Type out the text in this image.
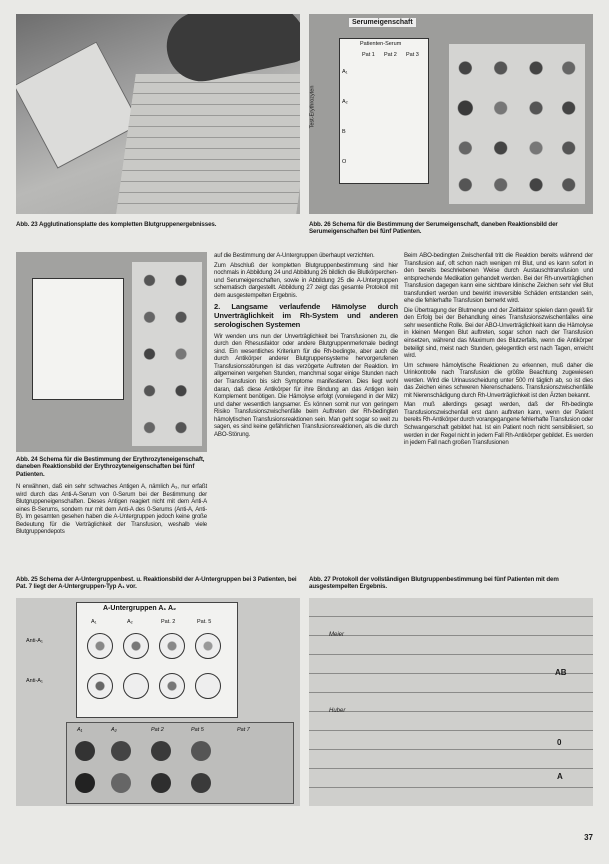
Abb. 23 Agglutinationsplatte des kompletten Blutgruppenergebnisses.
Serumeigenschaft
Patienten-Serum
Pat 1 Pat 2 Pat 3
A₁
A₂
B
O
Test-Erythrozyten
Abb. 26 Schema für die Bestimmung der Serumeigenschaft, daneben Reaktionsbild der Serumeigenschaften bei fünf Patienten.
Abb. 24 Schema für die Bestimmung der Erythrozyteneigenschaft, daneben Reaktionsbild der Erythrozyteneigenschaften bei fünf Patienten.

N erwähnen, daß ein sehr schwaches Antigen A, nämlich A₃, nur erfaßt wird durch das Anti-A-Serum von 0-Serum bei der Bestimmung der Blutgruppeneigenschaften. Dieses Antigen reagiert nicht mit dem Anti-A eines B-Serums, sondern nur mit dem Anti-A des 0-Serums (Anti-A, Anti-B). Im gesamten gesehen haben die A-Untergruppen jedoch keine große Bedeutung für die Verträglichkeit der Transfusion, weshalb viele Blutgruppendepots

auf die Bestimmung der A-Untergruppen überhaupt verzichten.

Zum Abschluß der kompletten Blutgruppenbestimmung sind hier nochmals in Abbildung 24 und Abbildung 26 bildlich die Blutkörperchen- und Serumeigenschaften, sowie in Abbildung 25 die A-Untergruppen schematisch dargestellt. Abbildung 27 zeigt das gesamte Protokoll mit dem ausgestempelten Ergebnis.

2. Langsame verlaufende Hämolyse durch Unverträglichkeit im Rh-System und anderen serologischen Systemen

Wir wenden uns nun der Unverträglichkeit bei Transfusionen zu, die durch den Rhesusfaktor oder andere Blutgruppenmerkmale bedingt sind. Ein wesentliches Kriterium für die Rh-bedingte, aber auch die durch Antikörper anderer Blutgruppensysteme hervorgerufenen Transfusionsstörungen ist das verzögerte Auftreten der Reaktion. Im allgemeinen vergehen Stunden, manchmal sogar einige Stunden nach der Transfusion bis sich Symptome manifestieren. Dies liegt wohl daran, daß diese Antikörper für ihre Bindung an das Antigen kein Komplement benötigen. Die Hämolyse erfolgt (vorwiegend in der Milz) und daher wesentlich langsamer. Es können somit nur von geringem Risiko Transfusionszwischenfälle beim Auftreten der Rh-bedingten hämolytischen Transfusionsreaktionen sein. Man geht sogar so weit zu sagen, es sind keine gefährlichen Transfusionsreaktionen, als die durch ABO-Störung.

Beim ABO-bedingten Zwischenfall tritt die Reaktion bereits während der Transfusion auf, oft schon nach wenigen ml Blut, und es kann sofort in den bereits beschriebenen Weise durch Austauschtransfusion und entsprechende Medikation gehandelt werden. Bei der Rh-unverträglichen Transfusion dagegen kann eine sichtbare klinische Zeichen sehr viel Blut transfundiert werden und bewirkt irreversible Schäden entstanden sein, ehe die fehlerhafte Transfusion bemerkt wird.

Die Übertragung der Blutmenge und der Zeitfaktor spielen dann gewiß für den Erfolg bei der Behandlung eines Transfusionszwischenfalles eine sehr wesentliche Rolle. Bei der ABO-Unverträglichkeit kann die Hämolyse in kleinen Mengen Blut auftreten, sogar schon nach der Transfusion einsetzen, während das Maximum des Blutzerfalls, wenn die Antikörper beteiligt sind, meist nach Stunden, gelegentlich erst nach Tagen, erreicht wird.

Um schwere hämolytische Reaktionen zu erkennen, muß daher die Urinkontrolle nach Transfusion die größte Beachtung zugewiesen werden. Wird die Urinausscheidung unter 500 ml täglich ab, so ist dies das Zeichen eines schweren Nierenschadens. Transfusionszwischenfälle mit Nierenschädigung durch Rh-Unverträglichkeit ist den Ärzten bekannt.

Man muß allerdings gesagt werden, daß der Rh-bedingte Transfusionszwischenfall erst dann auftreten kann, wenn der Patient bereits Rh-Antikörper durch vorangegangene fehlerhafte Transfusion oder Schwangerschaft gebildet hat. Ist ein Patient noch nicht sensibilisiert, so werden in der Regel nicht in jedem Fall Rh-Antikörper gebildet. Es werden in jedem Fall nach großen Transfusionen

Abb. 25 Schema der A-Untergruppenbest. u. Reaktionsbild der A-Untergruppen bei 3 Patienten, bei Pat. 7 liegt der A-Untergruppen-Typ A₁ vor.
A-Untergruppen A₁ A₂
A₁	A₂	Pat. 2	Pat. 5
Anti-A₁
Anti-A₁
A₁	A₂	Pat 2	Pat 5	Pat 7
Abb. 27 Protokoll der vollständigen Blutgruppenbestimmung bei fünf Patienten mit dem ausgestempelten Ergebnis.
Meier
AB
Huber
0
A
37
